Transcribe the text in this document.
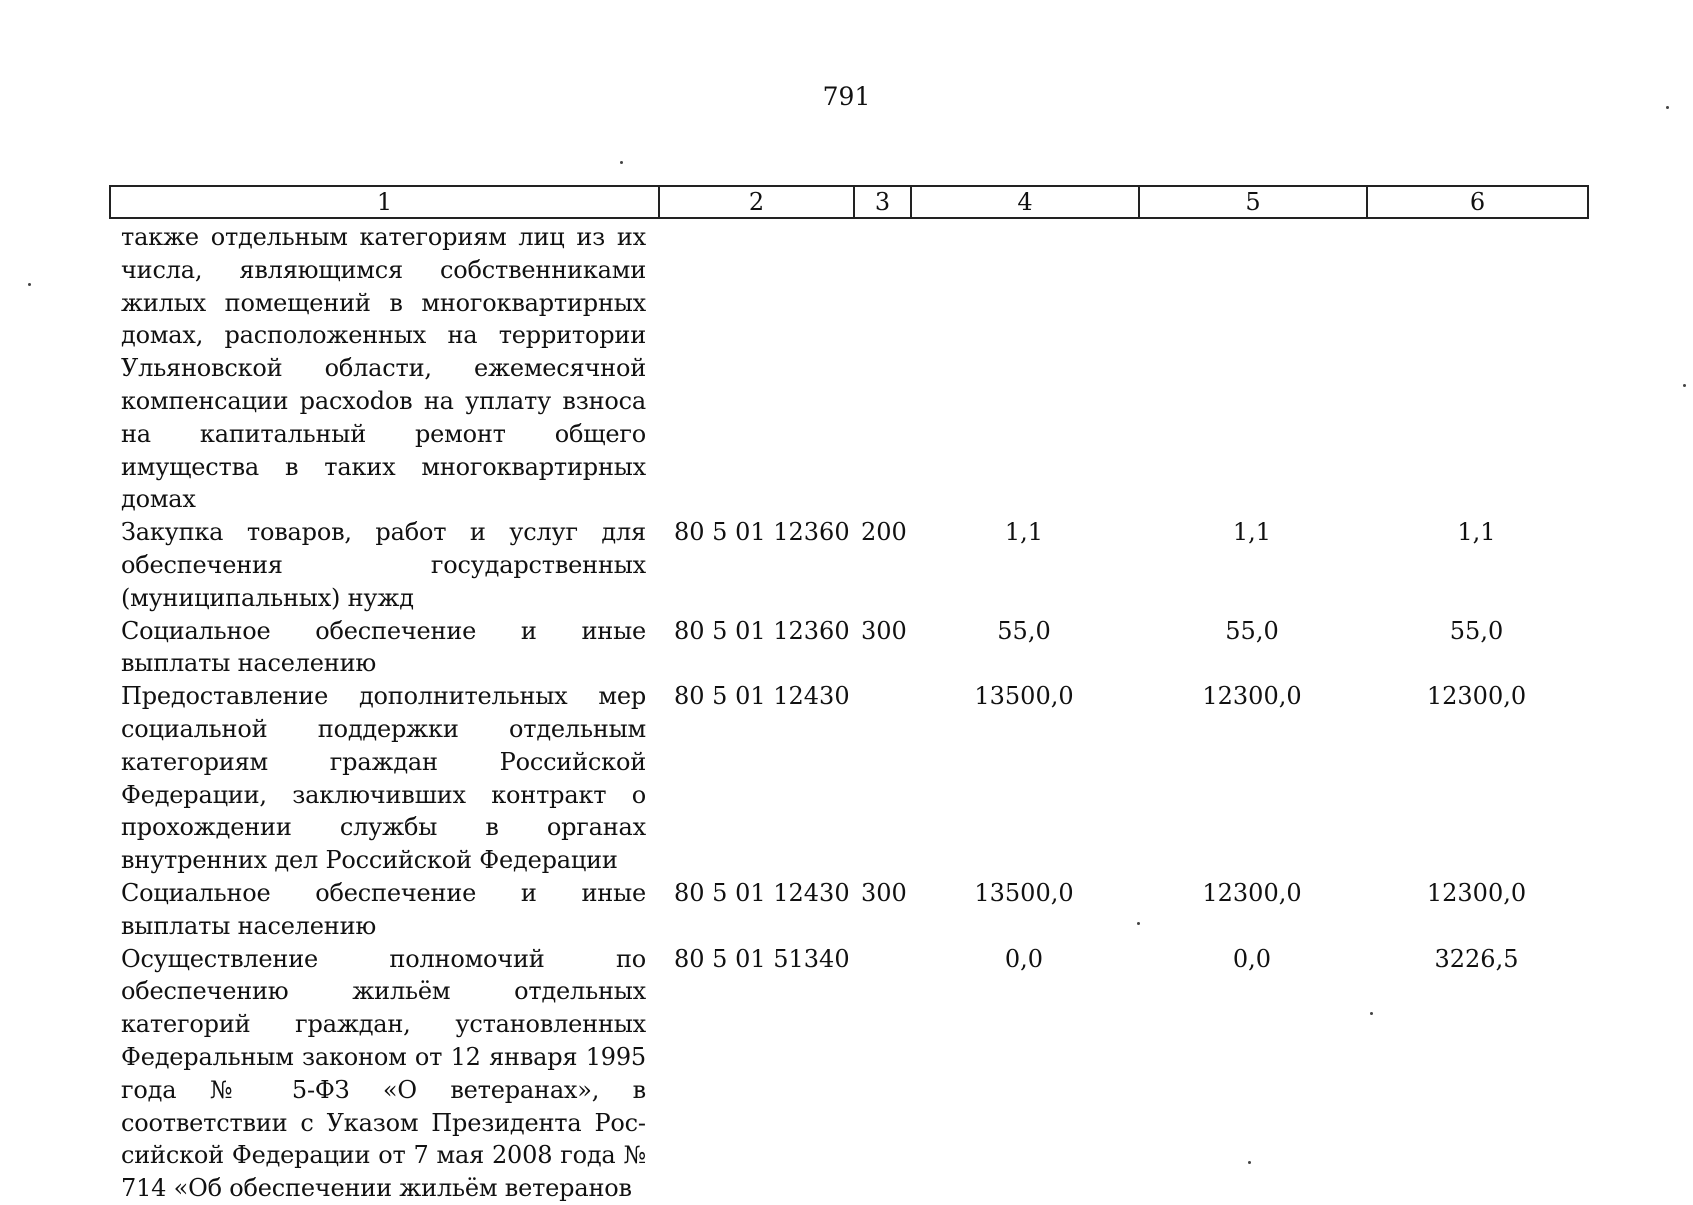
791
1	2	3	4	5	6
также отдельным категориям лиц из их числа, являющимся собственниками жилых помещений в многоквартирных домах, расположенных на территории Ульяновской области, ежемесячной компенсации расхоdов на уплату взноса на капитальный ремонт общего имущества в таких многоквартирных домах					
Закупка товаров, работ и услуг для обеспечения государственных (муниципальных) нужд	80 5 01 12360	200	1,1	1,1	1,1
Социальное обеспечение и иные выплаты населению	80 5 01 12360	300	55,0	55,0	55,0
Предоставление дополнительных мер социальной поддержки отдельным категориям граждан Российской Федерации, заключивших контракт о прохождении службы в органах внутренних дел Российской Федерации	80 5 01 12430		13500,0	12300,0	12300,0
Социальное обеспечение и иные выплаты населению	80 5 01 12430	300	13500,0	12300,0	12300,0
Осуществление полномочий по обеспечению жильём отдельных категорий граждан, установленных Федеральным законом от 12 января 1995 года № 5-ФЗ «О ветеранах», в соответствии с Указом Президента Российской Федерации от 7 мая 2008 года № 714 «Об обеспечении жильём ветеранов	80 5 01 51340		0,0	0,0	3226,5
